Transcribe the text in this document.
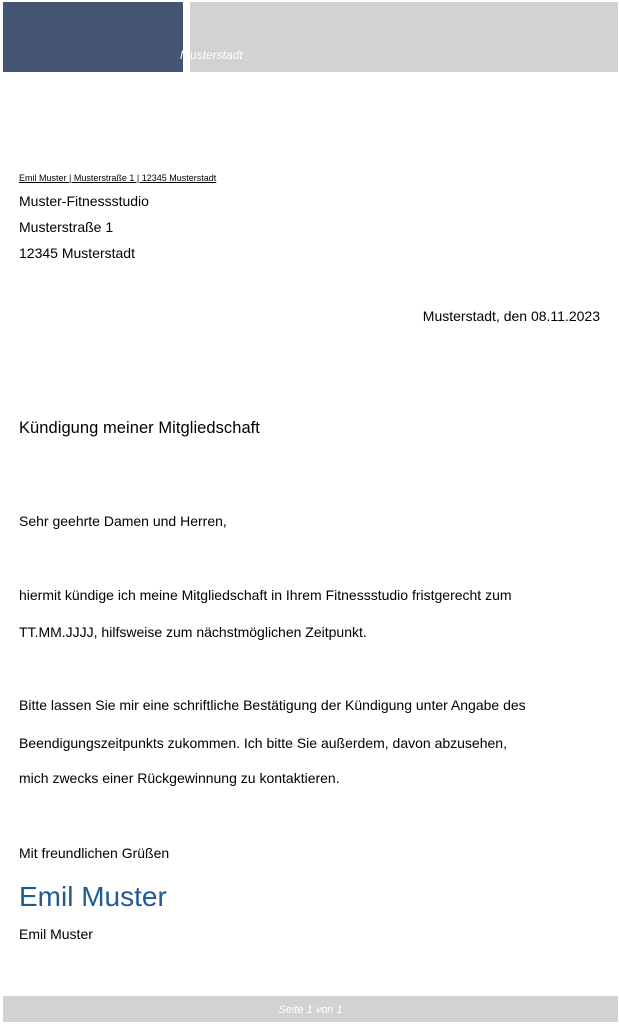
Musterstadt
Emil Muster | Musterstraße 1 | 12345 Musterstadt
Muster-Fitnessstudio
Musterstraße 1
12345 Musterstadt
Musterstadt, den 08.11.2023
Kündigung meiner Mitgliedschaft
Sehr geehrte Damen und Herren,
hiermit kündige ich meine Mitgliedschaft in Ihrem Fitnessstudio fristgerecht zum
TT.MM.JJJJ, hilfsweise zum nächstmöglichen Zeitpunkt.
Bitte lassen Sie mir eine schriftliche Bestätigung der Kündigung unter Angabe des
Beendigungszeitpunkts zukommen. Ich bitte Sie außerdem, davon abzusehen,
mich zwecks einer Rückgewinnung zu kontaktieren.
Mit freundlichen Grüßen
Emil Muster
Emil Muster
Seite 1 von 1
